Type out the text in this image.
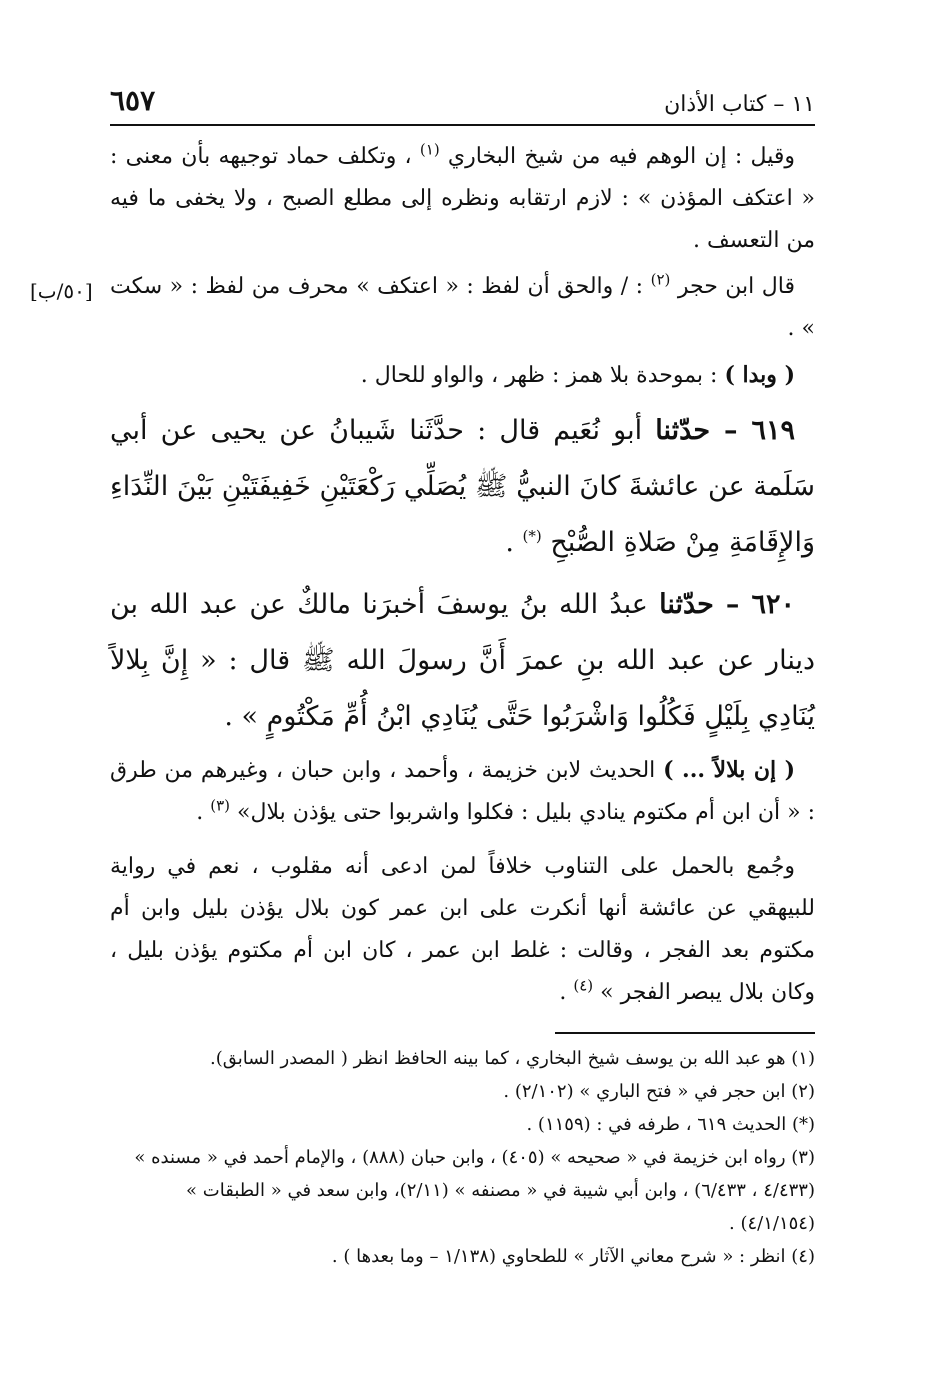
١١ – كتاب الأذان
٦٥٧

وقيل : إن الوهم فيه من شيخ البخاري $^{(١)}$ ، وتكلف حماد توجيهه بأن معنى : « اعتكف المؤذن » : لازم ارتقابه ونظره إلى مطلع الصبح ، ولا يخفى ما فيه من التعسف .

قال ابن حجر $^{(٢)}$ : / والحق أن لفظ : « اعتكف » محرف من لفظ : « سكت » .
[٥٠/ب]

( وبدا ) : بموحدة بلا همز : ظهر ، والواو للحال .

٦١٩ – حدّثنا أبو نُعَيم قال : حدَّثَنا شَيبانُ عن يحيى عن أبي سَلَمة عن عائشةَ كانَ النبيُّ ﷺ يُصَلِّي رَكْعَتَيْنِ خَفِيفَتَيْنِ بَيْنَ النِّدَاءِ وَالإِقَامَةِ مِنْ صَلاةِ الصُّبْحِ (*) .

٦٢٠ – حدّثنا عبدُ الله بنُ يوسفَ أخبرَنا مالكٌ عن عبد الله بن دينار عن عبد الله بنِ عمرَ أَنَّ رسولَ الله ﷺ قال : « إِنَّ بِلالاً يُنَادِي بِلَيْلٍ فَكُلُوا وَاشْرَبُوا حَتَّى يُنَادِي ابْنُ أُمِّ مَكْتُومٍ » .

( إن بلالاً ... ) الحديث لابن خزيمة ، وأحمد ، وابن حبان ، وغيرهم من طرق : « أن ابن أم مكتوم ينادي بليل : فكلوا واشربوا حتى يؤذن بلال» $^{(٣)}$ .

وجُمع بالحمل على التناوب خلافاً لمن ادعى أنه مقلوب ، نعم في رواية للبيهقي عن عائشة أنها أنكرت على ابن عمر كون بلال يؤذن بليل وابن أم مكتوم بعد الفجر ، وقالت : غلط ابن عمر ، كان ابن أم مكتوم يؤذن بليل ، وكان بلال يبصر الفجر » $^{(٤)}$ .

(١) هو عبد الله بن يوسف شيخ البخاري ، كما بينه الحافظ انظر ( المصدر السابق).

(٢) ابن حجر في « فتح الباري » (٢/١٠٢) .

(*) الحديث ٦١٩ ، طرفه في : (١١٥٩) .

(٣) رواه ابن خزيمة في « صحيحه » (٤٠٥) ، وابن حبان (٨٨٨) ، والإمام أحمد في « مسنده » (٤/٤٣٣ ، ٦/٤٣٣) ، وابن أبي شيبة في « مصنفه » (٢/١١)، وابن سعد في « الطبقات » (٤/١/١٥٤) .

(٤) انظر : « شرح معاني الآثار » للطحاوي (١/١٣٨ – وما بعدها ) .
